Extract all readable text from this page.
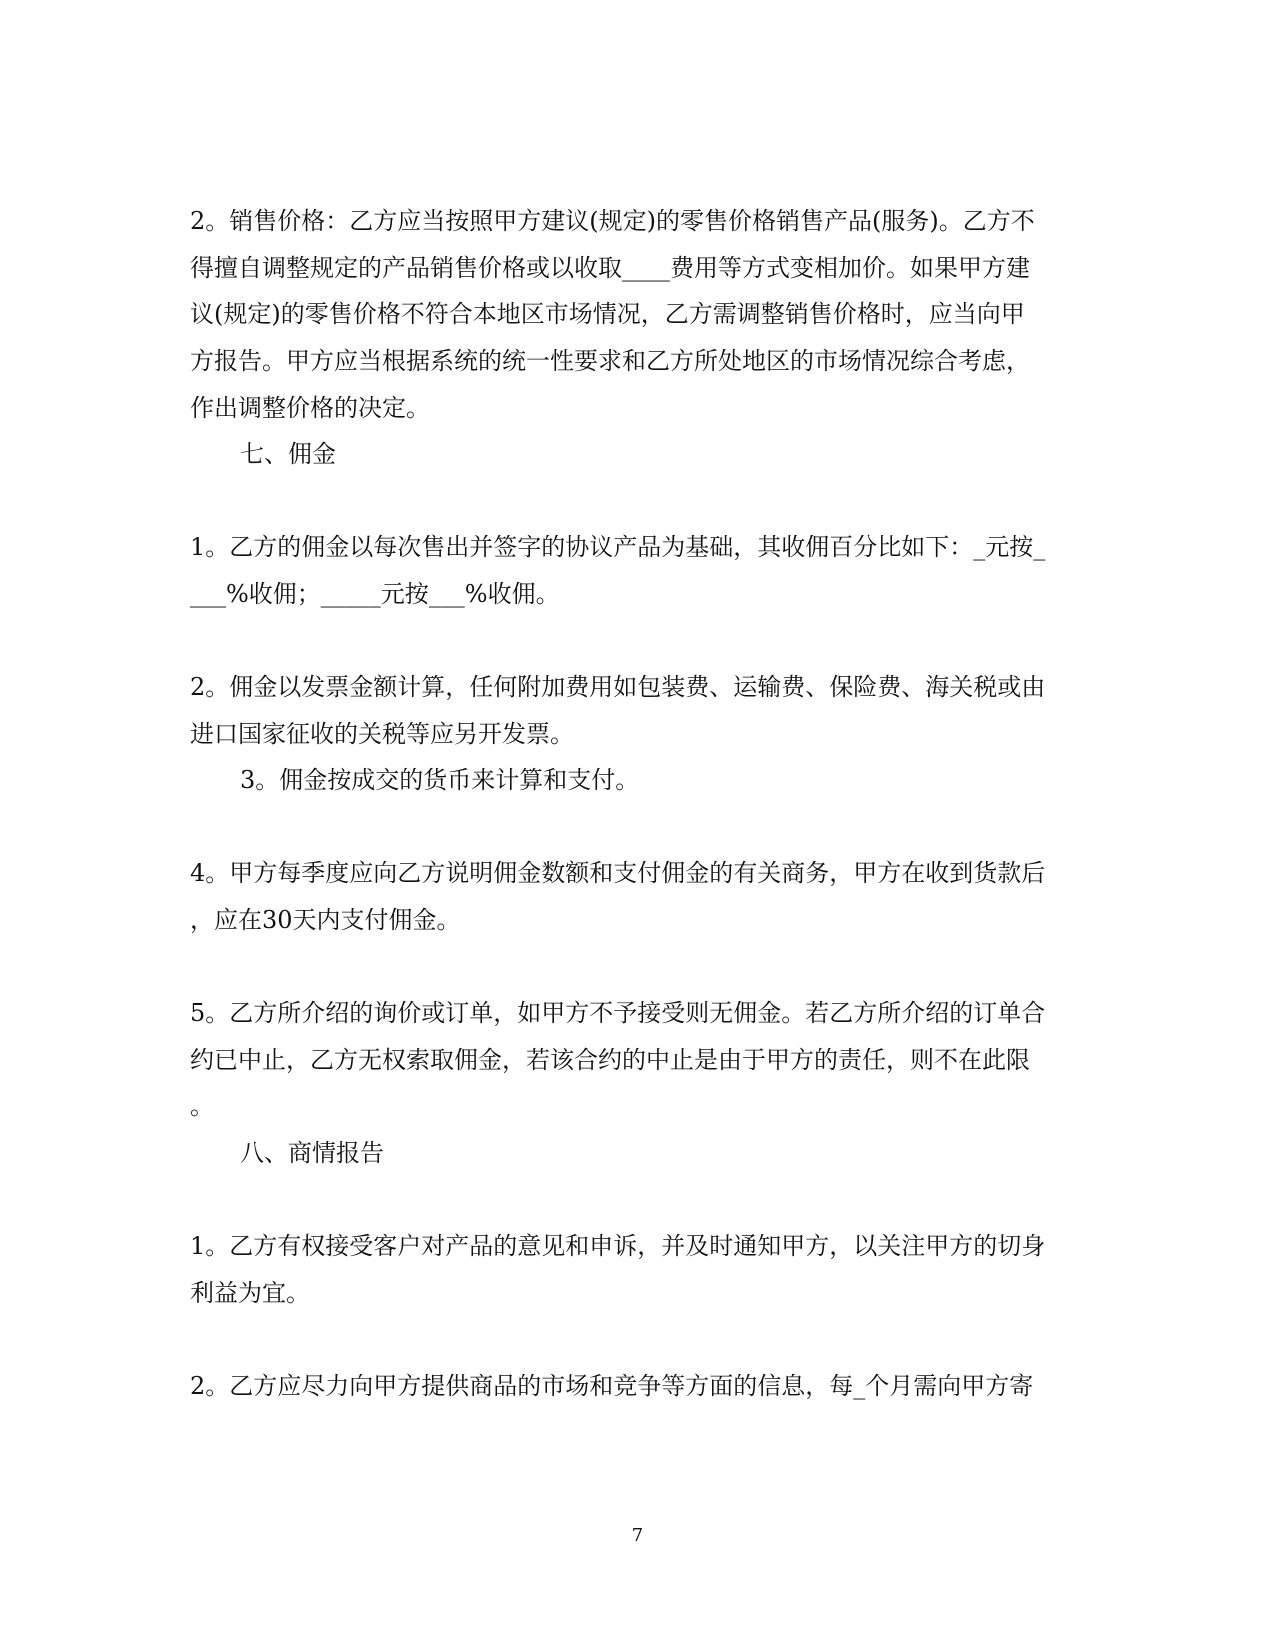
2。销售价格：乙方应当按照甲方建议(规定)的零售价格销售产品(服务)。乙方不
得擅自调整规定的产品销售价格或以收取____费用等方式变相加价。如果甲方建
议(规定)的零售价格不符合本地区市场情况，乙方需调整销售价格时，应当向甲
方报告。甲方应当根据系统的统一性要求和乙方所处地区的市场情况综合考虑，
作出调整价格的决定。
七、佣金
1。乙方的佣金以每次售出并签字的协议产品为基础，其收佣百分比如下：_元按_
___%收佣；_____元按___%收佣。
2。佣金以发票金额计算，任何附加费用如包装费、运输费、保险费、海关税或由
进口国家征收的关税等应另开发票。
3。佣金按成交的货币来计算和支付。
4。甲方每季度应向乙方说明佣金数额和支付佣金的有关商务，甲方在收到货款后
，应在30天内支付佣金。
5。乙方所介绍的询价或订单，如甲方不予接受则无佣金。若乙方所介绍的订单合
约已中止，乙方无权索取佣金，若该合约的中止是由于甲方的责任，则不在此限
。
八、商情报告
1。乙方有权接受客户对产品的意见和申诉，并及时通知甲方，以关注甲方的切身
利益为宜。
2。乙方应尽力向甲方提供商品的市场和竞争等方面的信息，每_个月需向甲方寄
7
